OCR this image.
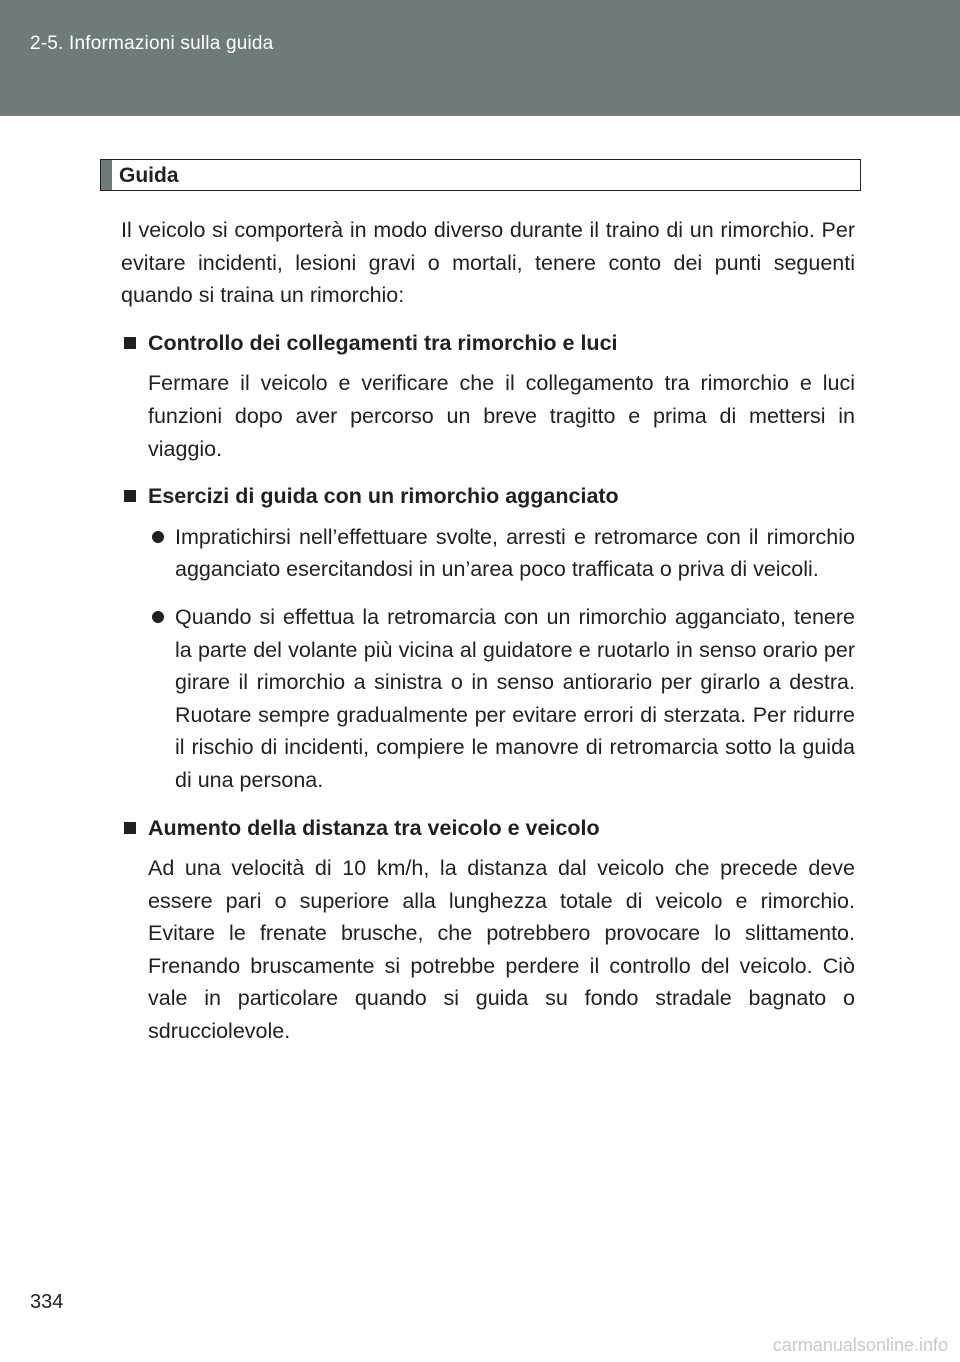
2-5. Informazioni sulla guida
Guida

Il veicolo si comporterà in modo diverso durante il traino di un rimorchio. Per evitare incidenti, lesioni gravi o mortali, tenere conto dei punti seguenti quando si traina un rimorchio:

Controllo dei collegamenti tra rimorchio e luci

Fermare il veicolo e verificare che il collegamento tra rimorchio e luci funzioni dopo aver percorso un breve tragitto e prima di mettersi in viaggio.

Esercizi di guida con un rimorchio agganciato
Impratichirsi nell’effettuare svolte, arresti e retromarce con il rimorchio agganciato esercitandosi in un’area poco trafficata o priva di veicoli.
Quando si effettua la retromarcia con un rimorchio agganciato, tenere la parte del volante più vicina al guidatore e ruotarlo in senso orario per girare il rimorchio a sinistra o in senso antiorario per girarlo a destra. Ruotare sempre gradualmente per evitare errori di sterzata. Per ridurre il rischio di incidenti, compiere le manovre di retromarcia sotto la guida di una persona.
Aumento della distanza tra veicolo e veicolo

Ad una velocità di 10 km/h, la distanza dal veicolo che precede deve essere pari o superiore alla lunghezza totale di veicolo e rimorchio. Evitare le frenate brusche, che potrebbero provocare lo slittamento. Frenando bruscamente si potrebbe perdere il controllo del veicolo. Ciò vale in particolare quando si guida su fondo stradale bagnato o sdrucciolevole.

334
carmanualsonline.info
